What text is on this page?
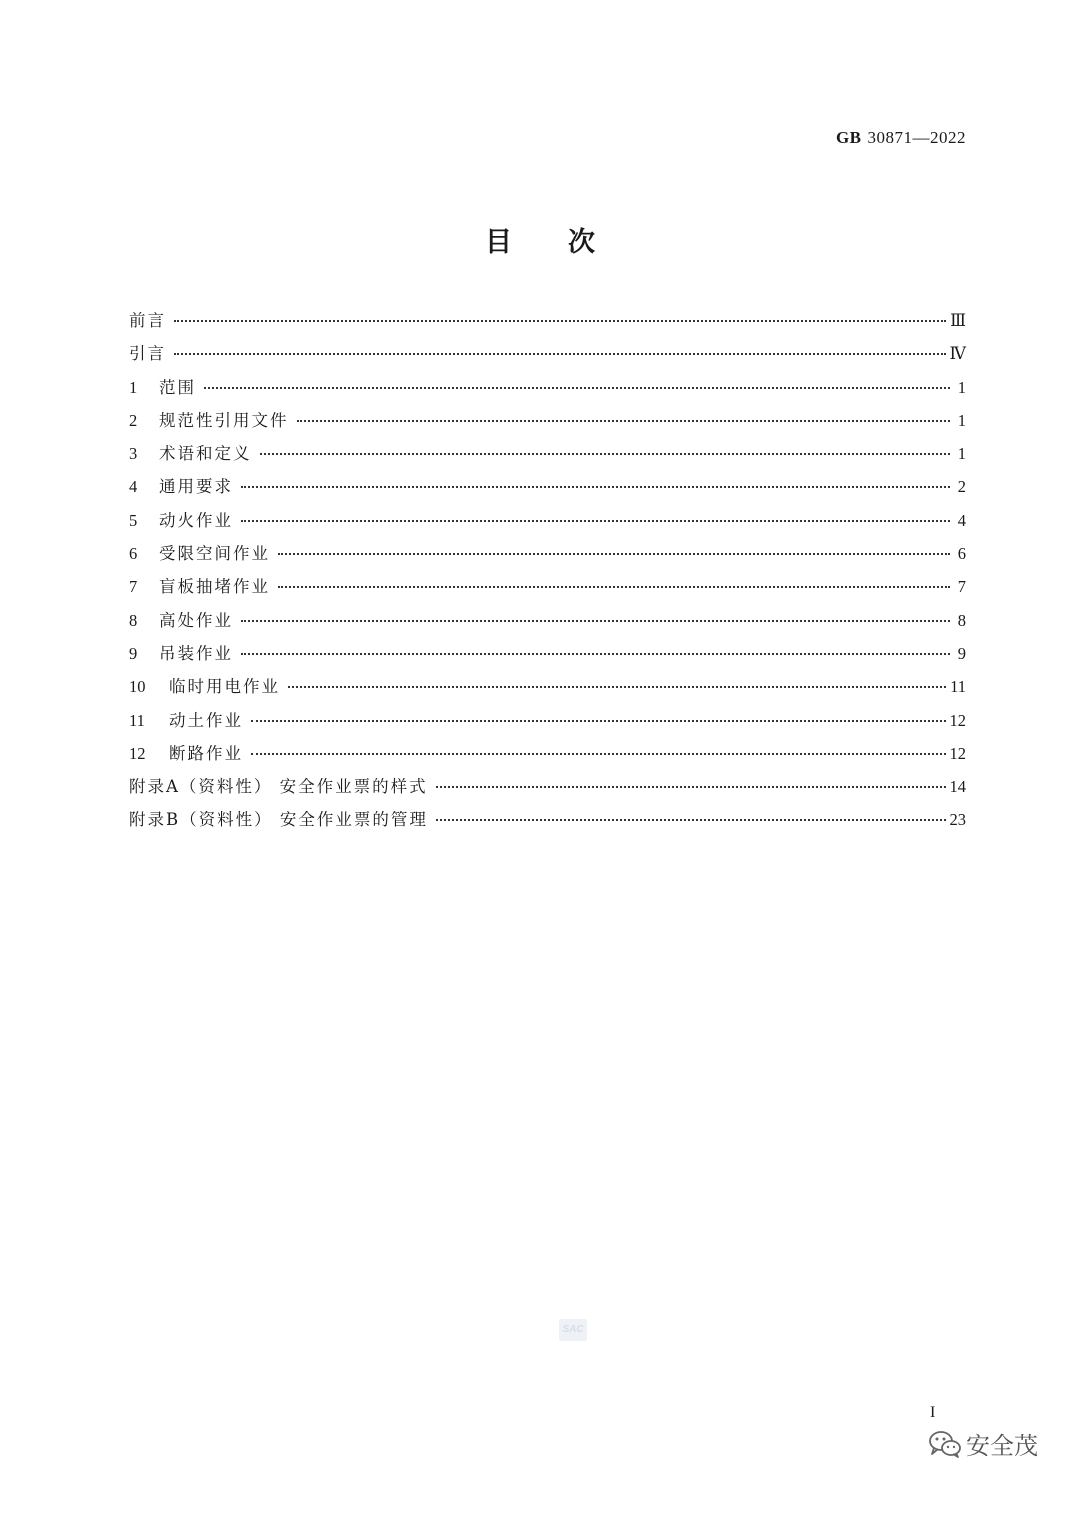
GB 30871—2022
目次
前言	Ⅲ
引言	Ⅳ
1	范围	1
2	规范性引用文件	1
3	术语和定义	1
4	通用要求	2
5	动火作业	4
6	受限空间作业	6
7	盲板抽堵作业	7
8	高处作业	8
9	吊装作业	9
10	临时用电作业	11
11	动土作业	12
12	断路作业	12
附录A（资料性） 安全作业票的样式	14
附录B（资料性） 安全作业票的管理	23
SAC
I
安全茂
